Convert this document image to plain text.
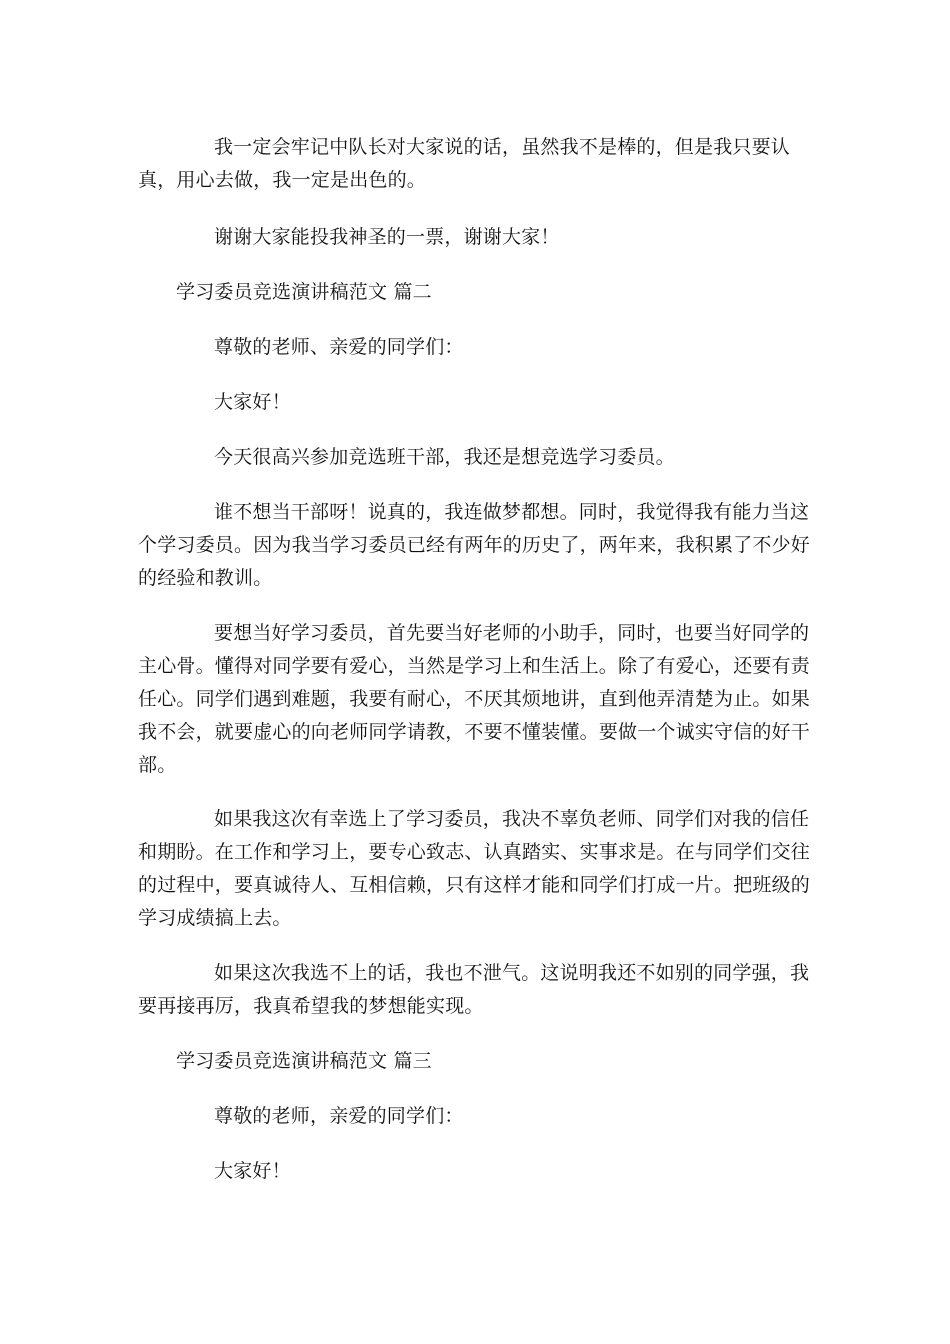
我一定会牢记中队长对大家说的话，虽然我不是棒的，但是我只要认真，用心去做，我一定是出色的。

谢谢大家能投我神圣的一票，谢谢大家！

学习委员竞选演讲稿范文 篇二

尊敬的老师、亲爱的同学们：

大家好！

今天很高兴参加竞选班干部，我还是想竞选学习委员。

谁不想当干部呀！说真的，我连做梦都想。同时，我觉得我有能力当这个学习委员。因为我当学习委员已经有两年的历史了，两年来，我积累了不少好的经验和教训。

要想当好学习委员，首先要当好老师的小助手，同时，也要当好同学的主心骨。懂得对同学要有爱心，当然是学习上和生活上。除了有爱心，还要有责任心。同学们遇到难题，我要有耐心，不厌其烦地讲，直到他弄清楚为止。如果我不会，就要虚心的向老师同学请教，不要不懂装懂。要做一个诚实守信的好干部。

如果我这次有幸选上了学习委员，我决不辜负老师、同学们对我的信任和期盼。在工作和学习上，要专心致志、认真踏实、实事求是。在与同学们交往的过程中，要真诚待人、互相信赖，只有这样才能和同学们打成一片。把班级的学习成绩搞上去。

如果这次我选不上的话，我也不泄气。这说明我还不如别的同学强，我要再接再厉，我真希望我的梦想能实现。

学习委员竞选演讲稿范文 篇三

尊敬的老师，亲爱的同学们：

大家好！
